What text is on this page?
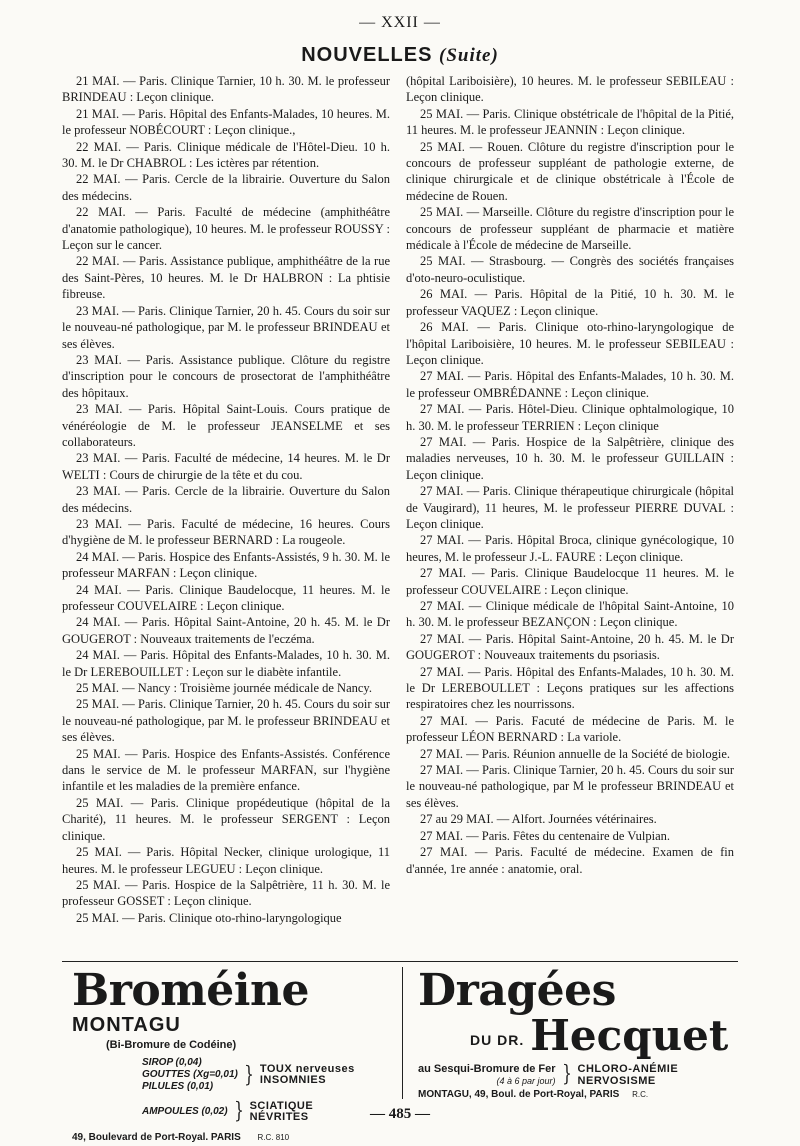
— XXII —
NOUVELLES (Suite)

21 MAI. — Paris. Clinique Tarnier, 10 h. 30. M. le professeur BRINDEAU : Leçon clinique.

21 MAI. — Paris. Hôpital des Enfants-Malades, 10 heures. M. le professeur NOBÉCOURT : Leçon clinique.,

22 MAI. — Paris. Clinique médicale de l'Hôtel-Dieu. 10 h. 30. M. le Dr CHABROL : Les ictères par rétention.

22 MAI. — Paris. Cercle de la librairie. Ouverture du Salon des médecins.

22 MAI. — Paris. Faculté de médecine (amphithéâtre d'anatomie pathologique), 10 heures. M. le professeur ROUSSY : Leçon sur le cancer.

22 MAI. — Paris. Assistance publique, amphithéâtre de la rue des Saint-Pères, 10 heures. M. le Dr HALBRON : La phtisie fibreuse.

23 MAI. — Paris. Clinique Tarnier, 20 h. 45. Cours du soir sur le nouveau-né pathologique, par M. le professeur BRINDEAU et ses élèves.

23 MAI. — Paris. Assistance publique. Clôture du registre d'inscription pour le concours de prosectorat de l'amphithéâtre des hôpitaux.

23 MAI. — Paris. Hôpital Saint-Louis. Cours pratique de vénéréologie de M. le professeur JEANSELME et ses collaborateurs.

23 MAI. — Paris. Faculté de médecine, 14 heures. M. le Dr WELTI : Cours de chirurgie de la tête et du cou.

23 MAI. — Paris. Cercle de la librairie. Ouverture du Salon des médecins.

23 MAI. — Paris. Faculté de médecine, 16 heures. Cours d'hygiène de M. le professeur BERNARD : La rougeole.

24 MAI. — Paris. Hospice des Enfants-Assistés, 9 h. 30. M. le professeur MARFAN : Leçon clinique.

24 MAI. — Paris. Clinique Baudelocque, 11 heures. M. le professeur COUVELAIRE : Leçon clinique.

24 MAI. — Paris. Hôpital Saint-Antoine, 20 h. 45. M. le Dr GOUGEROT : Nouveaux traitements de l'eczéma.

24 MAI. — Paris. Hôpital des Enfants-Malades, 10 h. 30. M. le Dr LEREBOUILLET : Leçon sur le diabète infantile.

25 MAI. — Nancy : Troisième journée médicale de Nancy.

25 MAI. — Paris. Clinique Tarnier, 20 h. 45. Cours du soir sur le nouveau-né pathologique, par M. le professeur BRINDEAU et ses élèves.

25 MAI. — Paris. Hospice des Enfants-Assistés. Conférence dans le service de M. le professeur MARFAN, sur l'hygiène infantile et les maladies de la première enfance.

25 MAI. — Paris. Clinique propédeutique (hôpital de la Charité), 11 heures. M. le professeur SERGENT : Leçon clinique.

25 MAI. — Paris. Hôpital Necker, clinique urologique, 11 heures. M. le professeur LEGUEU : Leçon clinique.

25 MAI. — Paris. Hospice de la Salpêtrière, 11 h. 30. M. le professeur GOSSET : Leçon clinique.

25 MAI. — Paris. Clinique oto-rhino-laryngologique

(hôpital Lariboisière), 10 heures. M. le professeur SEBILEAU : Leçon clinique.

25 MAI. — Paris. Clinique obstétricale de l'hôpital de la Pitié, 11 heures. M. le professeur JEANNIN : Leçon clinique.

25 MAI. — Rouen. Clôture du registre d'inscription pour le concours de professeur suppléant de pathologie externe, de clinique chirurgicale et de clinique obstétricale à l'École de médecine de Rouen.

25 MAI. — Marseille. Clôture du registre d'inscription pour le concours de professeur suppléant de pharmacie et matière médicale à l'École de médecine de Marseille.

25 MAI. — Strasbourg. — Congrès des sociétés françaises d'oto-neuro-oculistique.

26 MAI. — Paris. Hôpital de la Pitié, 10 h. 30. M. le professeur VAQUEZ : Leçon clinique.

26 MAI. — Paris. Clinique oto-rhino-laryngologique de l'hôpital Lariboisière, 10 heures. M. le professeur SEBILEAU : Leçon clinique.

27 MAI. — Paris. Hôpital des Enfants-Malades, 10 h. 30. M. le professeur OMBRÉDANNE : Leçon clinique.

27 MAI. — Paris. Hôtel-Dieu. Clinique ophtalmologique, 10 h. 30. M. le professeur TERRIEN : Leçon clinique

27 MAI. — Paris. Hospice de la Salpêtrière, clinique des maladies nerveuses, 10 h. 30. M. le professeur GUILLAIN : Leçon clinique.

27 MAI. — Paris. Clinique thérapeutique chirurgicale (hôpital de Vaugirard), 11 heures, M. le professeur PIERRE DUVAL : Leçon clinique.

27 MAI. — Paris. Hôpital Broca, clinique gynécologique, 10 heures, M. le professeur J.-L. FAURE : Leçon clinique.

27 MAI. — Paris. Clinique Baudelocque 11 heures. M. le professeur COUVELAIRE : Leçon clinique.

27 MAI. — Clinique médicale de l'hôpital Saint-Antoine, 10 h. 30. M. le professeur BEZANÇON : Leçon clinique.

27 MAI. — Paris. Hôpital Saint-Antoine, 20 h. 45. M. le Dr GOUGEROT : Nouveaux traitements du psoriasis.

27 MAI. — Paris. Hôpital des Enfants-Malades, 10 h. 30. M. le Dr LEREBOULLET : Leçons pratiques sur les affections respiratoires chez les nourrissons.

27 MAI. — Paris. Facuté de médecine de Paris. M. le professeur LÉON BERNARD : La variole.

27 MAI. — Paris. Réunion annuelle de la Société de biologie.

27 MAI. — Paris. Clinique Tarnier, 20 h. 45. Cours du soir sur le nouveau-né pathologique, par M le professeur BRINDEAU et ses élèves.

27 au 29 MAI. — Alfort. Journées vétérinaires.

27 MAI. — Paris. Fêtes du centenaire de Vulpian.

27 MAI. — Paris. Faculté de médecine. Examen de fin d'année, 1re année : anatomie, oral.

Broméine MONTAGU
(Bi-Bromure de Codéine)
SIROP (0,04)
GOUTTES (Xg=0,01)
PILULES (0,01)	} TOUX nerveuses
INSOMNIES
AMPOULES (0,02) } SCIATIQUE
NÉVRITES
49, Boulevard de Port-Royal. PARIS R.C. 810
Dragées
DU DR. Hecquet
au Sesqui-Bromure de Fer
(4 à 6 par jour) } CHLORO-ANÉMIE
NERVOSISME
MONTAGU, 49, Boul. de Port-Royal, PARIS R.C.
— 485 —
